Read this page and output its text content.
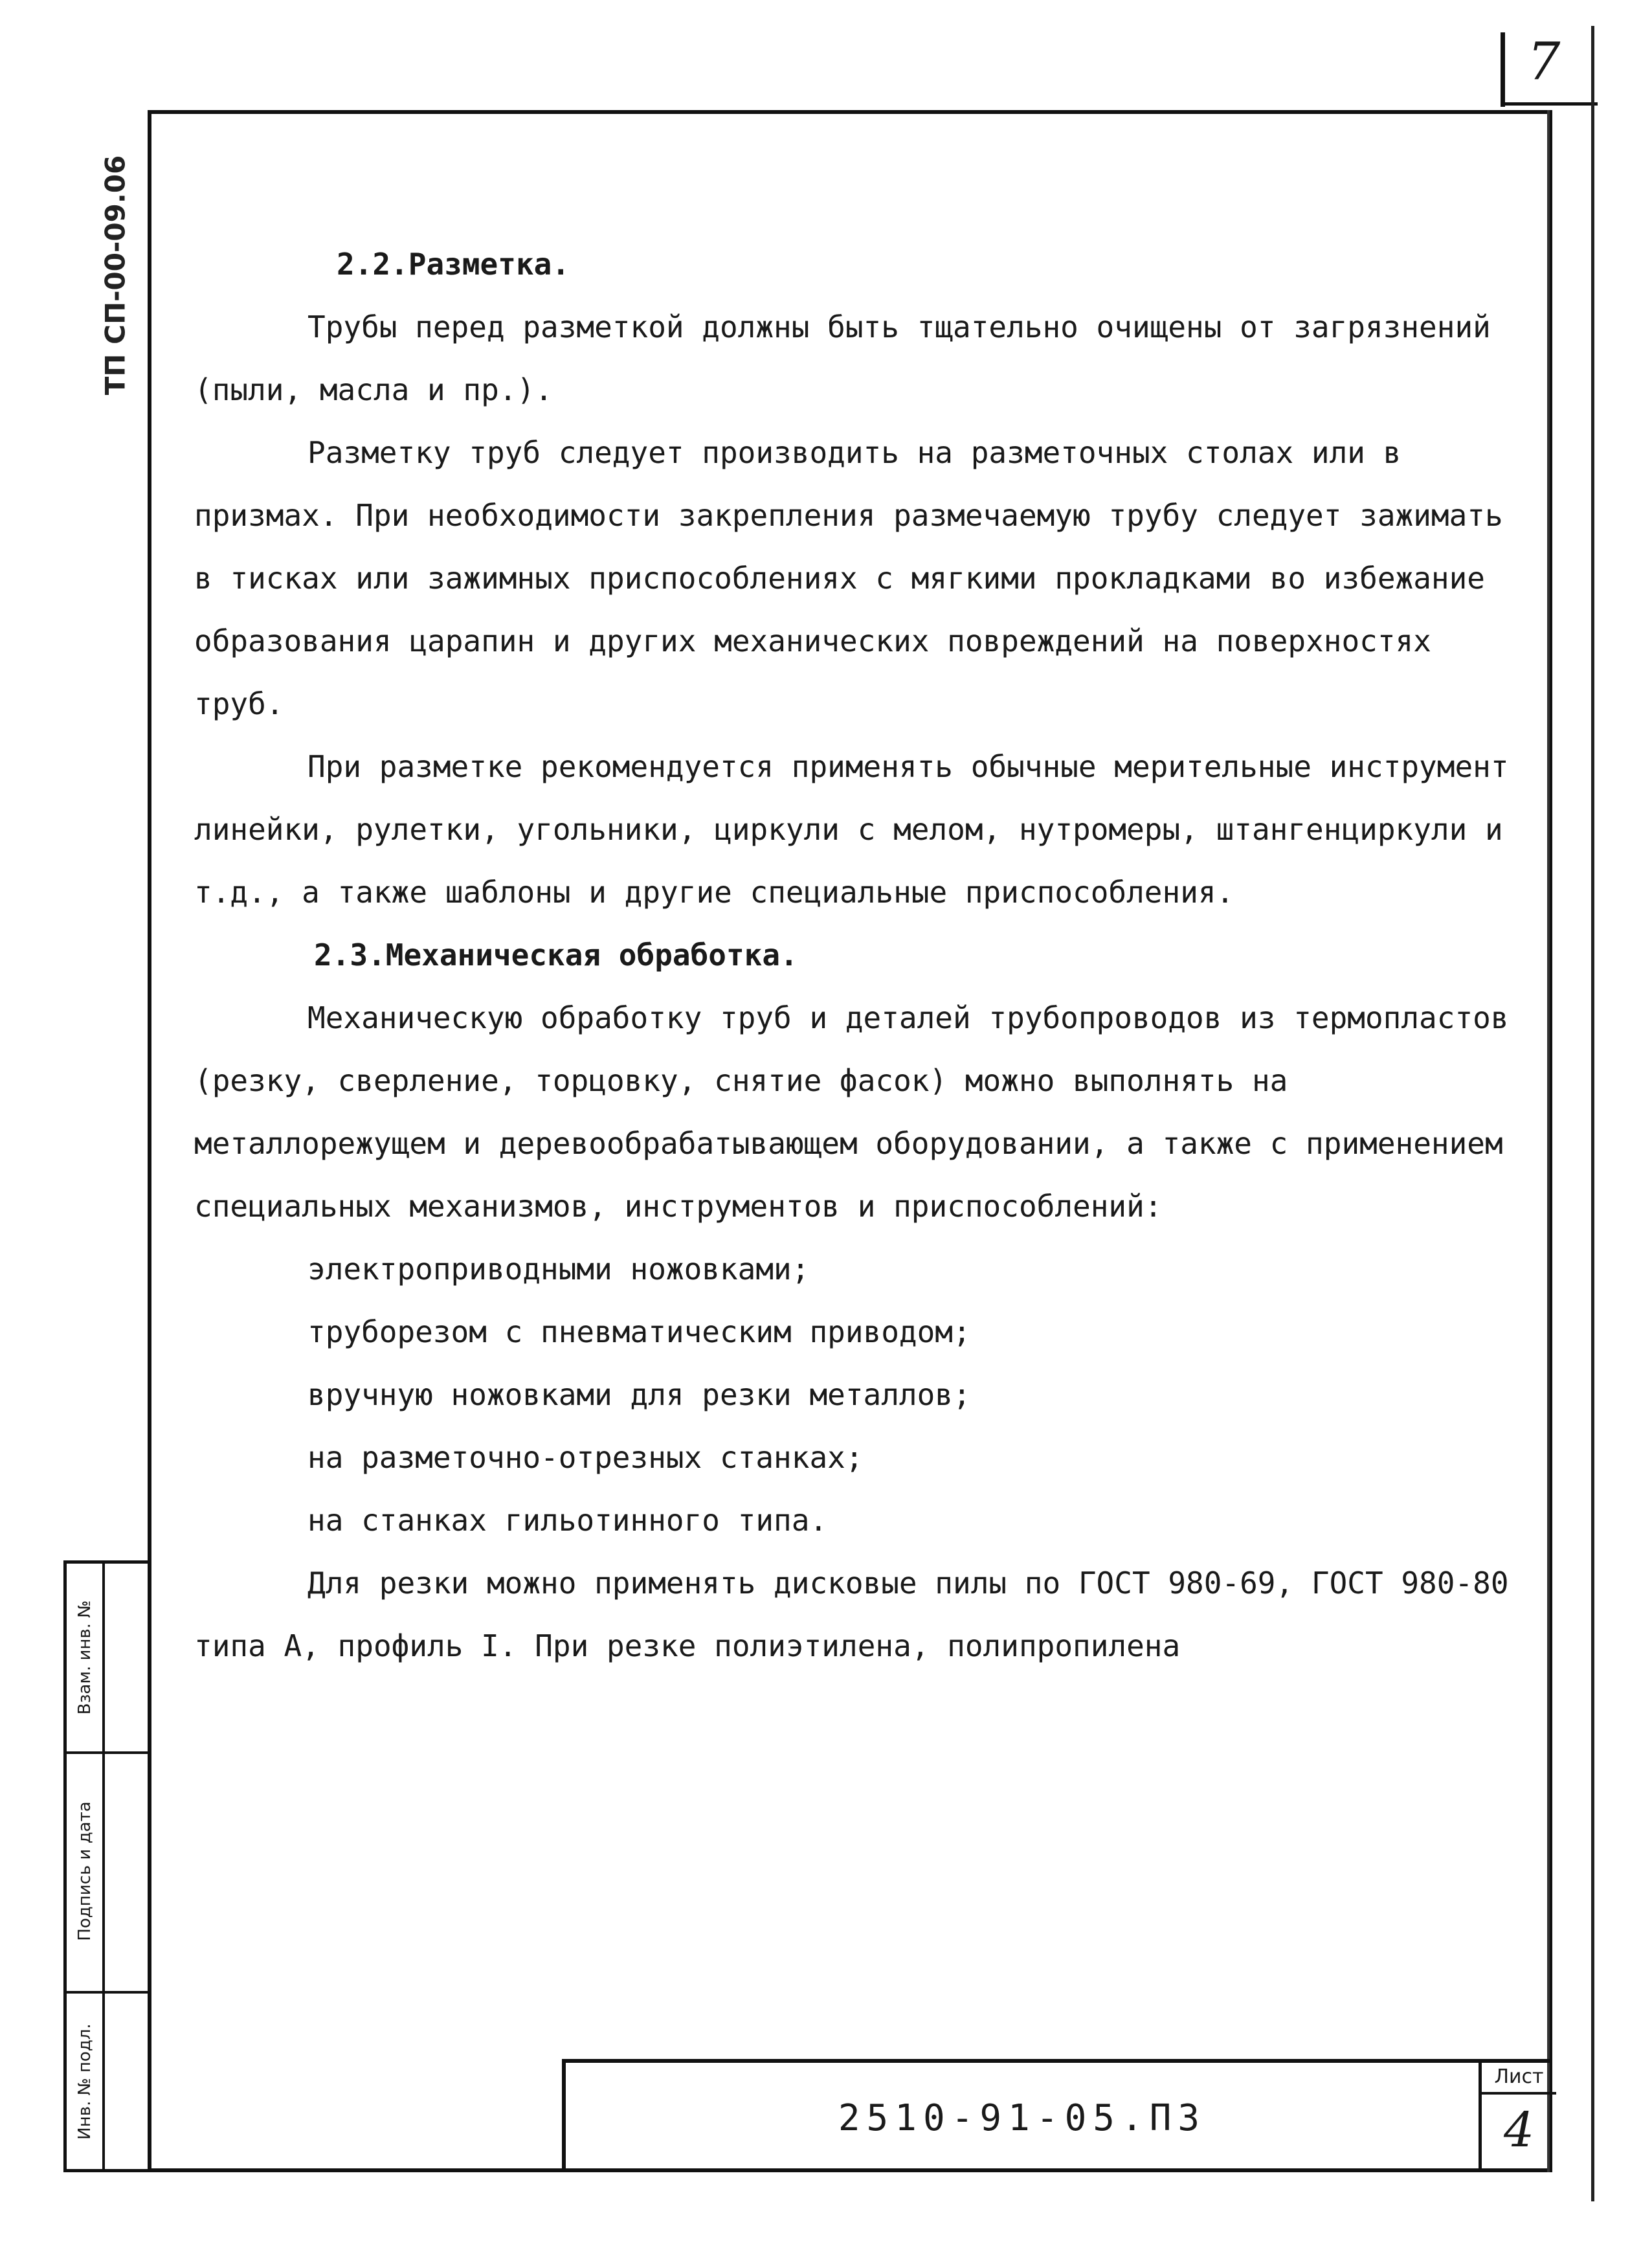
7
ТП СП-00-09.06
Взам. инв. №
Подпись и дата
Инв. № подл.

2.2.Разметка.

Трубы перед разметкой должны быть тщательно очищены от загрязнений (пыли, масла и пр.).

Разметку труб следует производить на разметочных столах или в призмах. При необходимости закрепления размечаемую трубу следует зажимать в тисках или зажимных приспособлениях с мягкими прокладками во избежание образования царапин и других механических повреждений на поверхностях труб.

При разметке рекомендуется применять обычные мерительные инструмент линейки, рулетки, угольники, циркули с мелом, нутромеры, штангенциркули и т.д., а также шаблоны и другие специальные приспособления.

2.3.Механическая обработка.

Механическую обработку труб и деталей трубопроводов из термопластов (резку, сверление, торцовку, снятие фасок) можно выполнять на металлорежущем и деревообрабатывающем оборудовании, а также с применением специальных механизмов, инструментов и приспособлений:

электроприводными ножовками;

труборезом с пневматическим приводом;

вручную ножовками для резки металлов;

на разметочно-отрезных станках;

на станках гильотинного типа.

Для резки можно применять дисковые пилы по ГОСТ 980-69, ГОСТ 980-80 типа А, профиль I. При резке полиэтилена, полипропилена

2510-91-05.ПЗ
Лист
4
